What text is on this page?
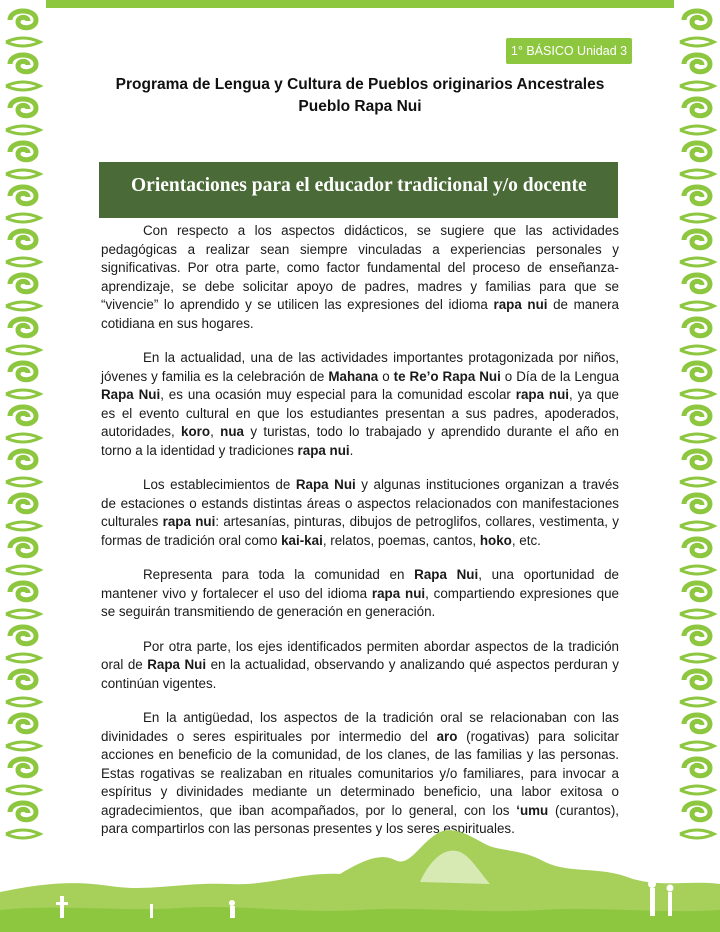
1° BÁSICO Unidad 3
Programa de Lengua y Cultura de Pueblos originarios Ancestrales
Pueblo Rapa Nui
Orientaciones para el educador tradicional y/o docente

Con respecto a los aspectos didácticos, se sugiere que las actividades pedagógicas a realizar sean siempre vinculadas a experiencias personales y significativas. Por otra parte, como factor fundamental del proceso de enseñanza-aprendizaje, se debe solicitar apoyo de padres, madres y familias para que se “vivencie” lo aprendido y se utilicen las expresiones del idioma rapa nui de manera cotidiana en sus hogares.

En la actualidad, una de las actividades importantes protagonizada por niños, jóvenes y familia es la celebración de Mahana o te Re’o Rapa Nui o Día de la Lengua Rapa Nui, es una ocasión muy especial para la comunidad escolar rapa nui, ya que es el evento cultural en que los estudiantes presentan a sus padres, apoderados, autoridades, koro, nua y turistas, todo lo trabajado y aprendido durante el año en torno a la identidad y tradiciones rapa nui.

Los establecimientos de Rapa Nui y algunas instituciones organizan a través de estaciones o estands distintas áreas o aspectos relacionados con manifestaciones culturales rapa nui: artesanías, pinturas, dibujos de petroglifos, collares, vestimenta, y formas de tradición oral como kai-kai, relatos, poemas, cantos, hoko, etc.

Representa para toda la comunidad en Rapa Nui, una oportunidad de mantener vivo y fortalecer el uso del idioma rapa nui, compartiendo expresiones que se seguirán transmitiendo de generación en generación.

Por otra parte, los ejes identificados permiten abordar aspectos de la tradición oral de Rapa Nui en la actualidad, observando y analizando qué aspectos perduran y continúan vigentes.

En la antigüedad, los aspectos de la tradición oral se relacionaban con las divinidades o seres espirituales por intermedio del aro (rogativas) para solicitar acciones en beneficio de la comunidad, de los clanes, de las familias y las personas. Estas rogativas se realizaban en rituales comunitarios y/o familiares, para invocar a espíritus y divinidades mediante un determinado beneficio, una labor exitosa o agradecimientos, que iban acompañados, por lo general, con los ‘umu (curantos), para compartirlos con las personas presentes y los seres espirituales.
